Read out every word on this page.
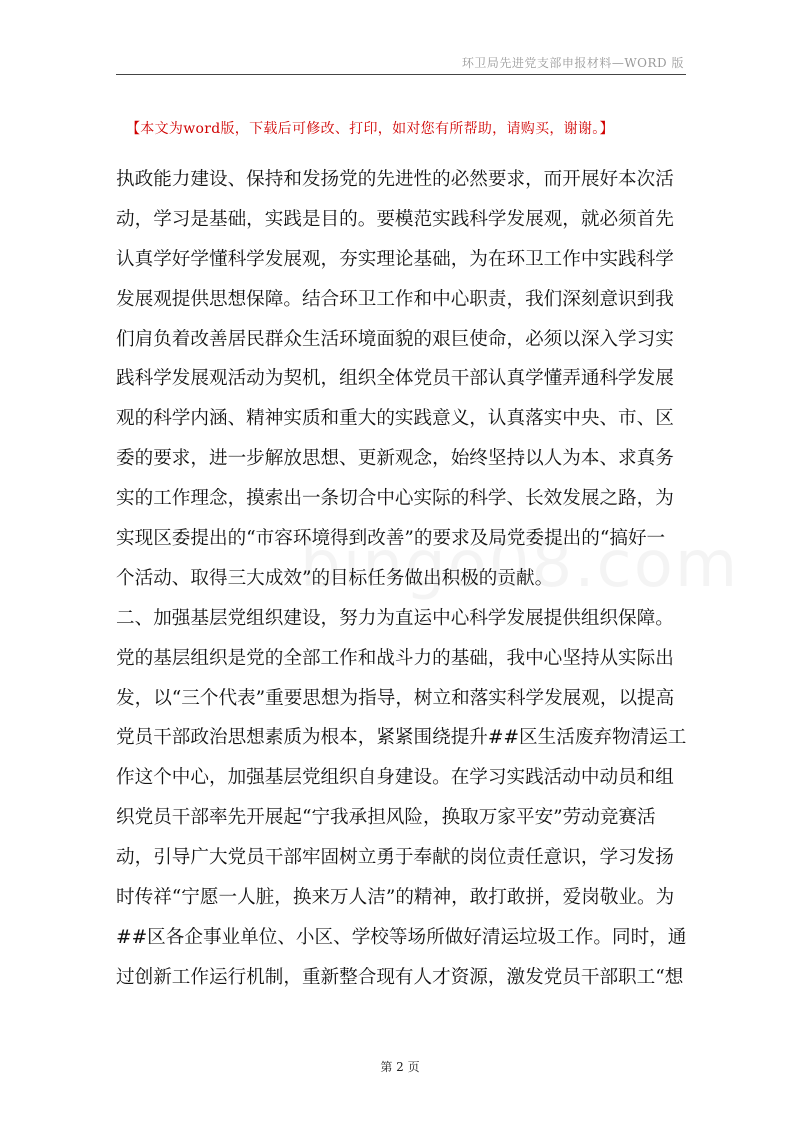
环卫局先进党支部申报材料—WORD 版
【本文为word版，下载后可修改、打印，如对您有所帮助，请购买，谢谢。】
执政能力建设、保持和发扬党的先进性的必然要求，而开展好本次活
动，学习是基础，实践是目的。要模范实践科学发展观，就必须首先
认真学好学懂科学发展观，夯实理论基础，为在环卫工作中实践科学
发展观提供思想保障。结合环卫工作和中心职责，我们深刻意识到我
们肩负着改善居民群众生活环境面貌的艰巨使命，必须以深入学习实
践科学发展观活动为契机，组织全体党员干部认真学懂弄通科学发展
观的科学内涵、精神实质和重大的实践意义，认真落实中央、市、区
委的要求，进一步解放思想、更新观念，始终坚持以人为本、求真务
实的工作理念，摸索出一条切合中心实际的科学、长效发展之路，为
实现区委提出的“市容环境得到改善”的要求及局党委提出的“搞好一
个活动、取得三大成效”的目标任务做出积极的贡献。
二、加强基层党组织建设，努力为直运中心科学发展提供组织保障。
党的基层组织是党的全部工作和战斗力的基础，我中心坚持从实际出
发，以“三个代表”重要思想为指导，树立和落实科学发展观，以提高
党员干部政治思想素质为根本，紧紧围绕提升##区生活废弃物清运工
作这个中心，加强基层党组织自身建设。在学习实践活动中动员和组
织党员干部率先开展起“宁我承担风险，换取万家平安”劳动竞赛活
动，引导广大党员干部牢固树立勇于奉献的岗位责任意识，学习发扬
时传祥“宁愿一人脏，换来万人洁”的精神，敢打敢拼，爱岗敬业。为
##区各企事业单位、小区、学校等场所做好清运垃圾工作。同时，通
过创新工作运行机制，重新整合现有人才资源，激发党员干部职工“想
第 2 页
